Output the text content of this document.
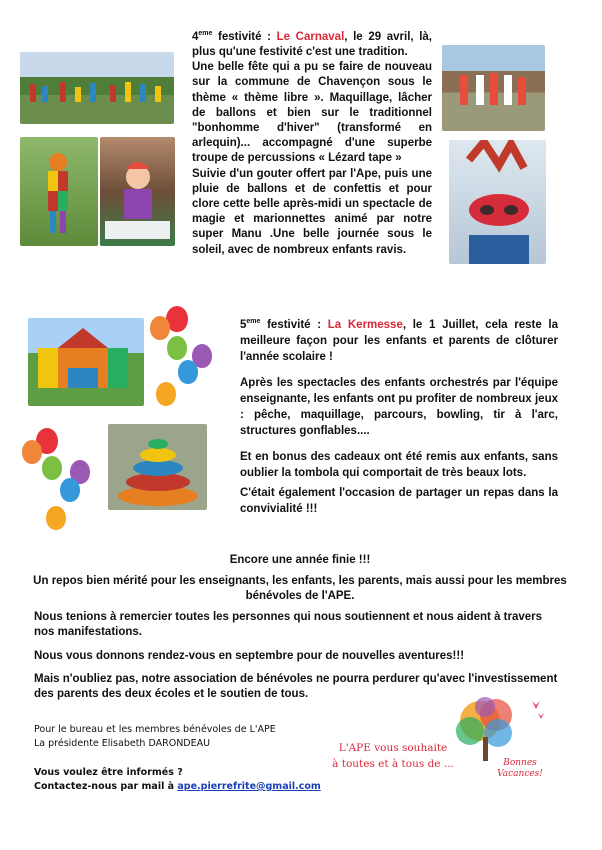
4eme festivité : Le Carnaval, le 29 avril, là, plus qu'une festivité c'est une tradition.
Une belle fête qui a pu se faire de nouveau sur la commune de Chavençon sous le thème « thème libre ». Maquillage, lâcher de ballons et bien sur le traditionnel "bonhomme d'hiver" (transformé en arlequin)... accompagné d'une superbe troupe de percussions « Lézard tape »
Suivie d'un gouter offert par l'Ape, puis une pluie de ballons et de confettis et pour clore cette belle après-midi un spectacle de magie et marionnettes animé par notre super Manu .Une belle journée sous le soleil, avec de nombreux enfants ravis.
5eme festivité : La Kermesse, le 1 Juillet, cela reste la meilleure façon pour les enfants et parents de clôturer l'année scolaire !
Après les spectacles des enfants orchestrés par l'équipe enseignante, les enfants ont pu profiter de nombreux jeux : pêche, maquillage, parcours, bowling, tir à l'arc, structures gonflables....
Et en bonus des cadeaux ont été remis aux enfants, sans oublier la tombola qui comportait de très beaux lots.
C'était également l'occasion de partager un repas dans la convivialité !!!
Encore une année finie !!!
Un repos bien mérité pour les enseignants, les enfants, les parents, mais aussi pour les membres bénévoles de l'APE.
Nous tenions à remercier toutes les personnes qui nous soutiennent et nous aident à travers nos manifestations.
Nous vous donnons rendez-vous en septembre pour de nouvelles aventures!!!
Mais n'oubliez pas, notre association de bénévoles ne pourra perdurer qu'avec l'investissement des parents des deux écoles et le soutien de tous.
Pour le bureau et les membres bénévoles de L'APE
La présidente Elisabeth DARONDEAU
Vous voulez être informés ?
Contactez-nous par mail à ape.pierrefrite@gmail.com
L'APE vous souhaite
à toutes et à tous de ...	Bonnes
Vacances!
